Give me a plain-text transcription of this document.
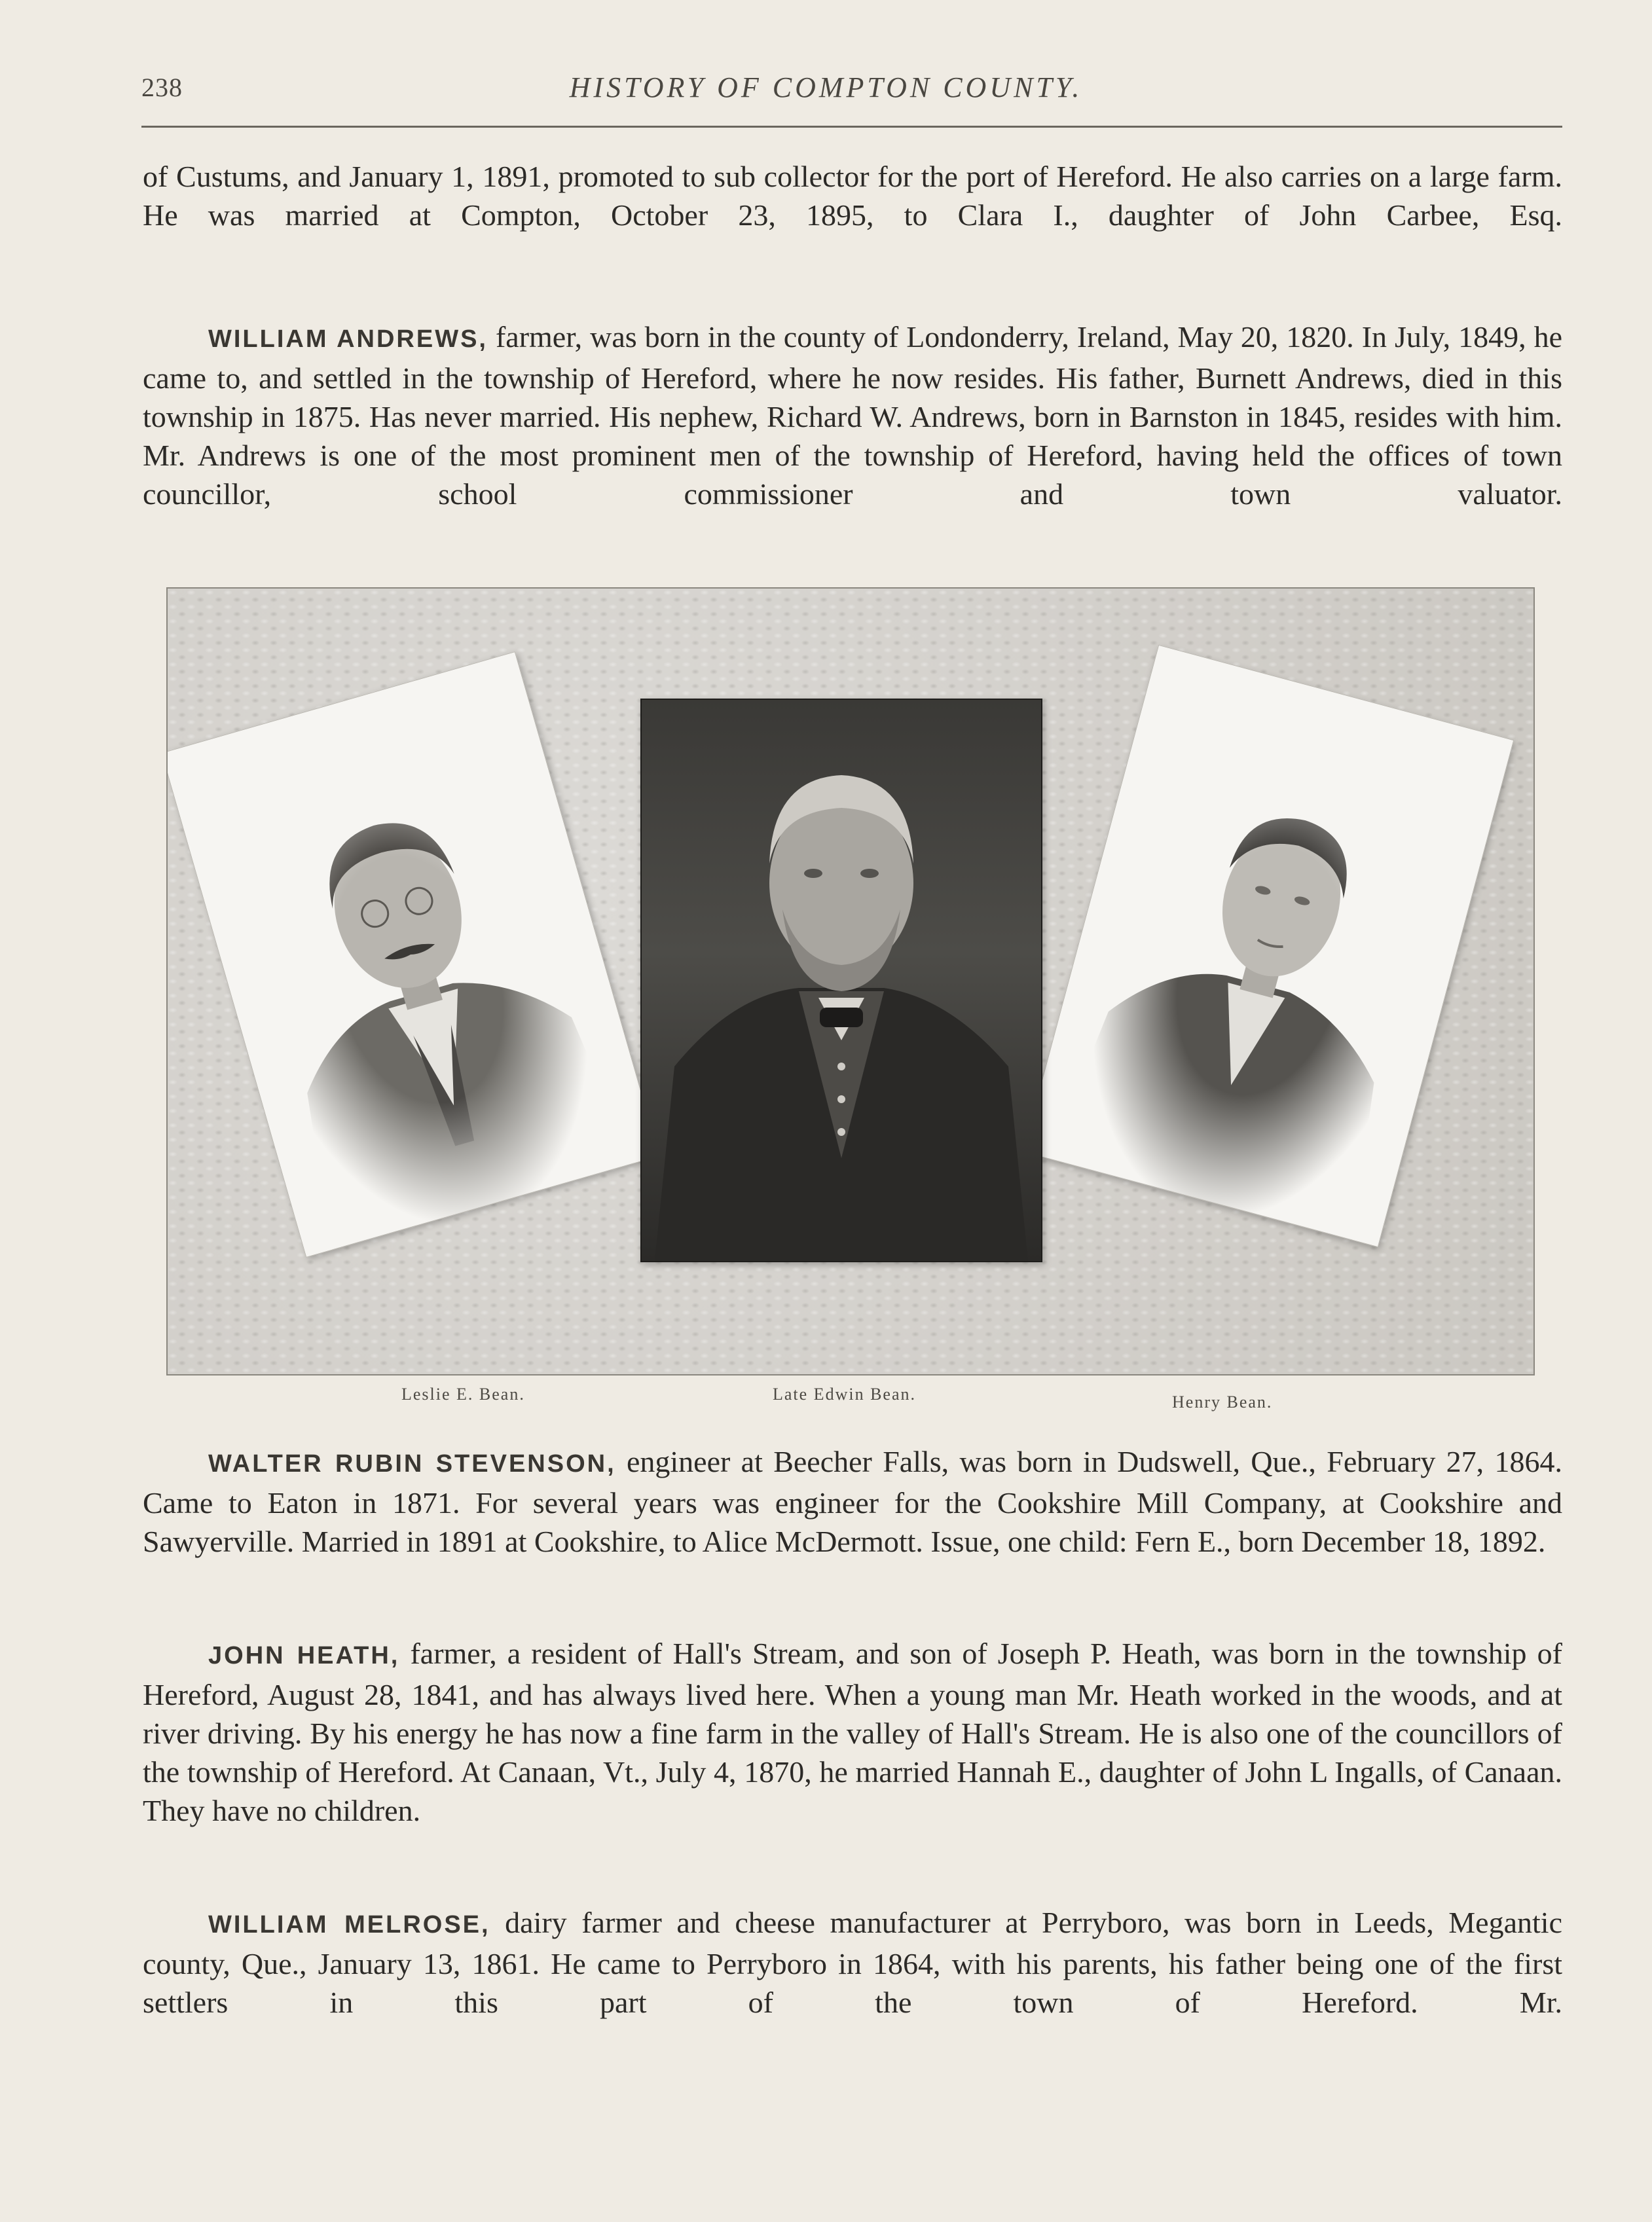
238	HISTORY OF COMPTON COUNTY.
of Custums, and January 1, 1891, promoted to sub collector for the port of Hereford. He also carries on a large farm. He was married at Compton, October 23, 1895, to Clara I., daughter of John Carbee, Esq.
WILLIAM ANDREWS, farmer, was born in the county of Londonderry, Ireland, May 20, 1820. In July, 1849, he came to, and settled in the township of Hereford, where he now resides. His father, Burnett Andrews, died in this township in 1875. Has never married. His nephew, Richard W. Andrews, born in Barnston in 1845, resides with him. Mr. Andrews is one of the most prominent men of the township of Hereford, having held the offices of town councillor, school commissioner and town valuator.
Leslie E. Bean.	Late Edwin Bean.	Henry Bean.
WALTER RUBIN STEVENSON, engineer at Beecher Falls, was born in Dudswell, Que., February 27, 1864. Came to Eaton in 1871. For several years was engineer for the Cookshire Mill Company, at Cookshire and Sawyerville. Married in 1891 at Cookshire, to Alice McDermott. Issue, one child: Fern E., born December 18, 1892.
JOHN HEATH, farmer, a resident of Hall's Stream, and son of Joseph P. Heath, was born in the township of Hereford, August 28, 1841, and has always lived here. When a young man Mr. Heath worked in the woods, and at river driving. By his energy he has now a fine farm in the valley of Hall's Stream. He is also one of the councillors of the township of Hereford. At Canaan, Vt., July 4, 1870, he married Hannah E., daughter of John L Ingalls, of Canaan. They have no children.
WILLIAM MELROSE, dairy farmer and cheese manufacturer at Perryboro, was born in Leeds, Megantic county, Que., January 13, 1861. He came to Perryboro in 1864, with his parents, his father being one of the first settlers in this part of the town of Hereford. Mr.
